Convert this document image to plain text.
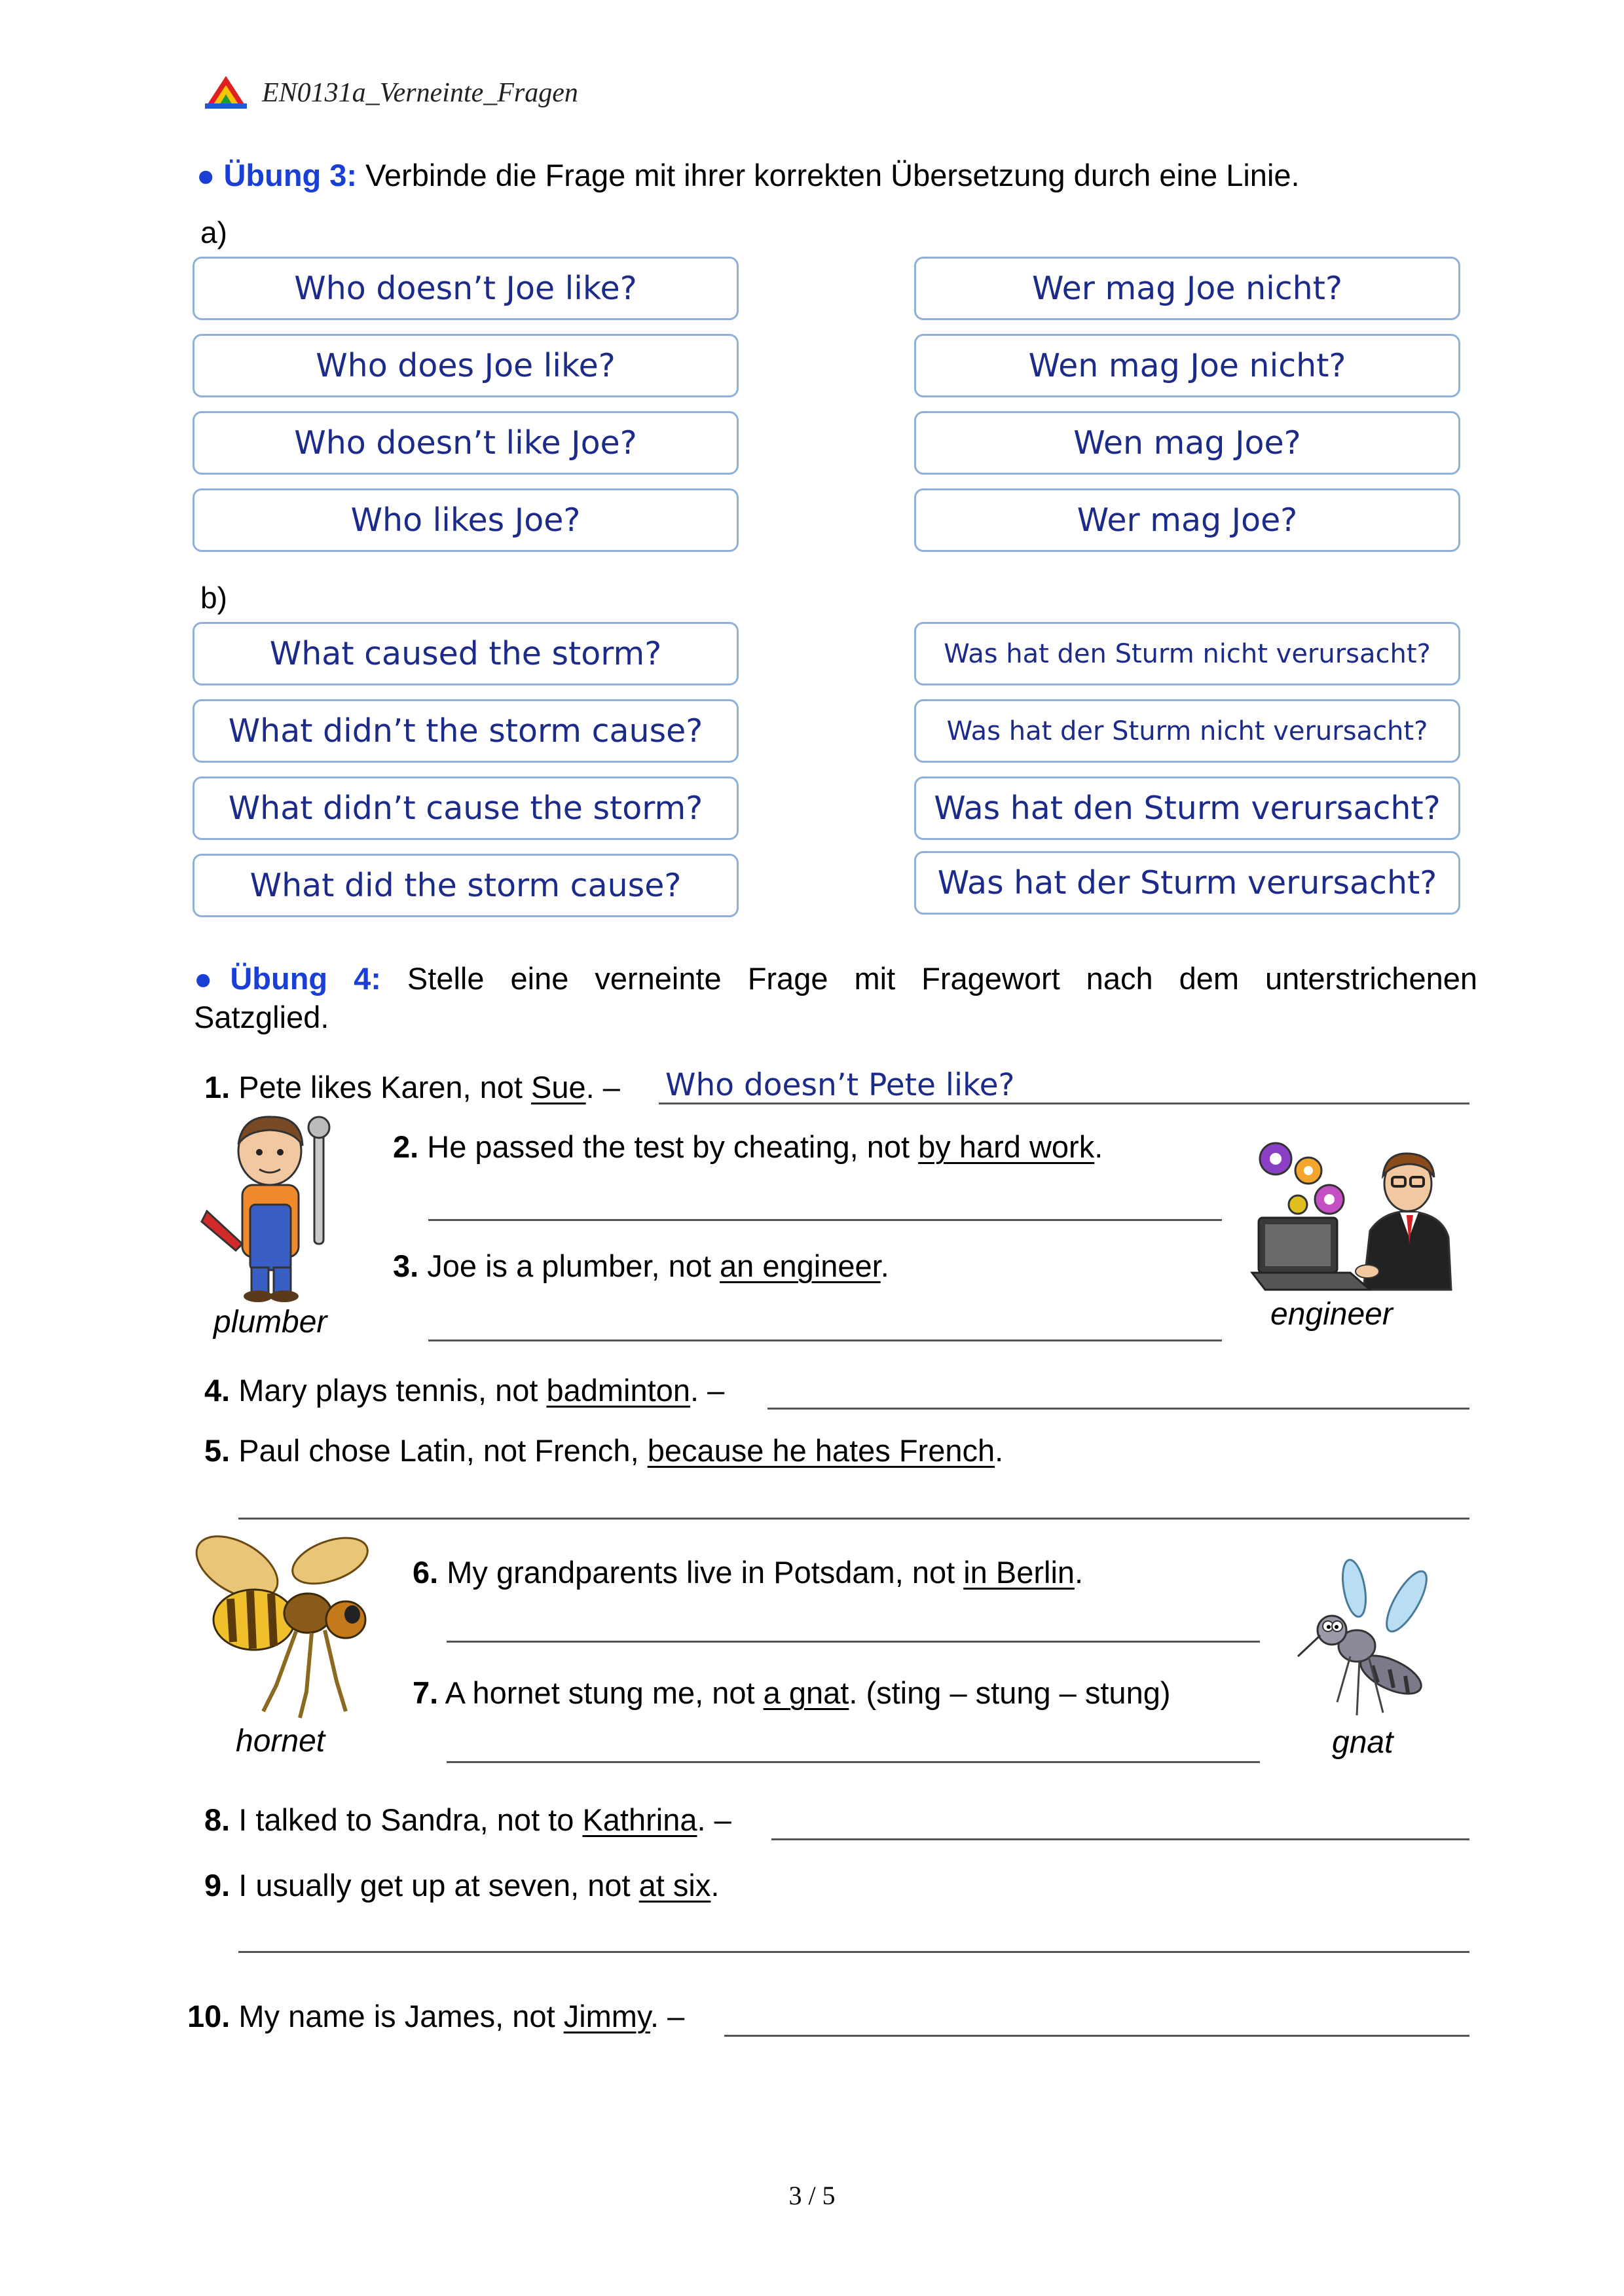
EN0131a_Verneinte_Fragen
● Übung 3: Verbinde die Frage mit ihrer korrekten Übersetzung durch eine Linie.
a)
Who doesn’t Joe like?
Who does Joe like?
Who doesn’t like Joe?
Who likes Joe?
Wer mag Joe nicht?
Wen mag Joe nicht?
Wen mag Joe?
Wer mag Joe?
b)
What caused the storm?
What didn’t the storm cause?
What didn’t cause the storm?
What did the storm cause?
Was hat den Sturm nicht verursacht?
Was hat der Sturm nicht verursacht?
Was hat den Sturm verursacht?
Was hat der Sturm verursacht?
●Übung 4: Stelle eine verneinte Frage mit Fragewort nach dem unterstrichenen
Satzglied.
1. Pete likes Karen, not Sue. – Who doesn’t Pete like?
plumber
2. He passed the test by cheating, not by hard work.
3. Joe is a plumber, not an engineer.
engineer
4. Mary plays tennis, not badminton. –
5. Paul chose Latin, not French, because he hates French.
hornet
6. My grandparents live in Potsdam, not in Berlin.
7. A hornet stung me, not a gnat. (sting – stung – stung)
gnat
8. I talked to Sandra, not to Kathrina. –
9. I usually get up at seven, not at six.
10. My name is James, not Jimmy. –
3 / 5
